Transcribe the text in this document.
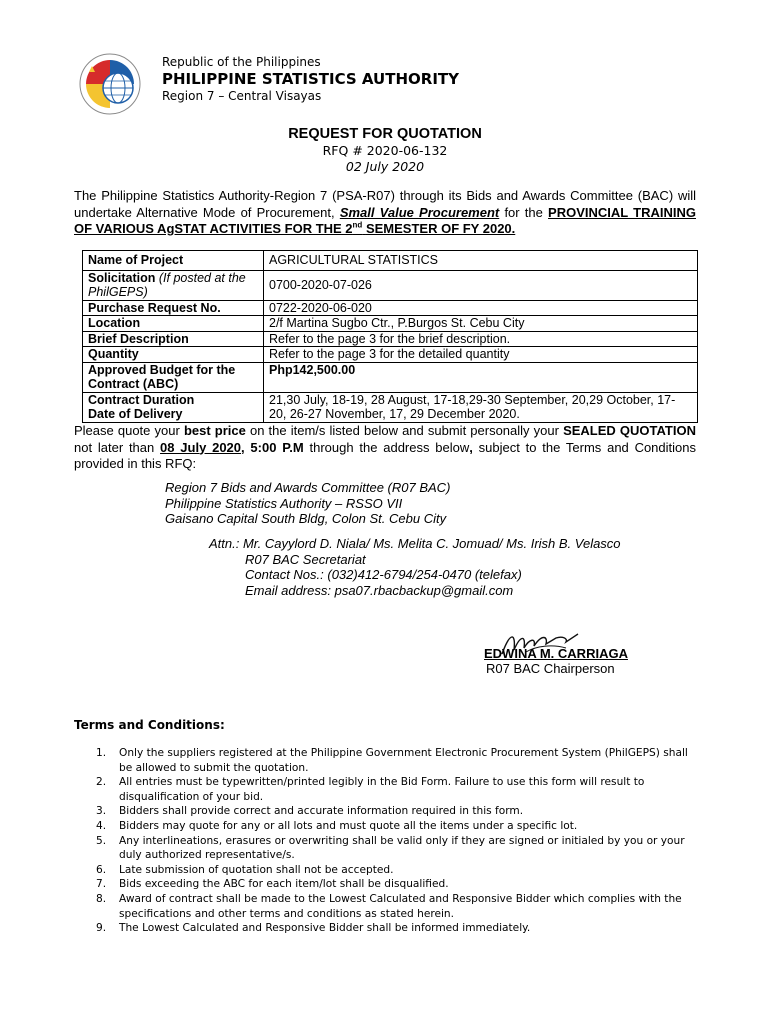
Republic of the Philippines
PHILIPPINE STATISTICS AUTHORITY
Region 7 – Central Visayas
REQUEST FOR QUOTATION
RFQ # 2020-06-132
02 July 2020
The Philippine Statistics Authority-Region 7 (PSA-R07) through its Bids and Awards Committee (BAC) will undertake Alternative Mode of Procurement, Small Value Procurement for the PROVINCIAL TRAINING OF VARIOUS AgSTAT ACTIVITIES FOR THE 2nd SEMESTER OF FY 2020.
Name of Project	AGRICULTURAL STATISTICS
Solicitation (If posted at the PhilGEPS)	0700-2020-07-026
Purchase Request No.	0722-2020-06-020
Location	2/f Martina Sugbo Ctr., P.Burgos St. Cebu City
Brief Description	Refer to the page 3 for the brief description.
Quantity	Refer to the page 3 for the detailed quantity
Approved Budget for the Contract (ABC)	Php142,500.00

Contract Duration
Date of Delivery	21,30 July, 18-19, 28 August, 17-18,29-30 September, 20,29 October, 17-20, 26-27 November, 17, 29 December 2020.
Please quote your best price on the item/s listed below and submit personally your SEALED QUOTATION not later than 08 July 2020, 5:00 P.M through the address below, subject to the Terms and Conditions provided in this RFQ:
Region 7 Bids and Awards Committee (R07 BAC)
Philippine Statistics Authority – RSSO VII
Gaisano Capital South Bldg, Colon St. Cebu City
Attn.: Mr. Cayylord D. Niala/ Ms. Melita C. Jomuad/ Ms. Irish B. Velasco
R07 BAC Secretariat
Contact Nos.: (032)412-6794/254-0470 (telefax)
Email address: psa07.rbacbackup@gmail.com
EDWINA M. CARRIAGA
R07 BAC Chairperson
Terms and Conditions:
1. Only the suppliers registered at the Philippine Government Electronic Procurement System (PhilGEPS) shall be allowed to submit the quotation.
2. All entries must be typewritten/printed legibly in the Bid Form. Failure to use this form will result to disqualification of your bid.
3. Bidders shall provide correct and accurate information required in this form.
4. Bidders may quote for any or all lots and must quote all the items under a specific lot.
5. Any interlineations, erasures or overwriting shall be valid only if they are signed or initialed by you or your duly authorized representative/s.
6. Late submission of quotation shall not be accepted.
7. Bids exceeding the ABC for each item/lot shall be disqualified.
8. Award of contract shall be made to the Lowest Calculated and Responsive Bidder which complies with the specifications and other terms and conditions as stated herein.
9. The Lowest Calculated and Responsive Bidder shall be informed immediately.
